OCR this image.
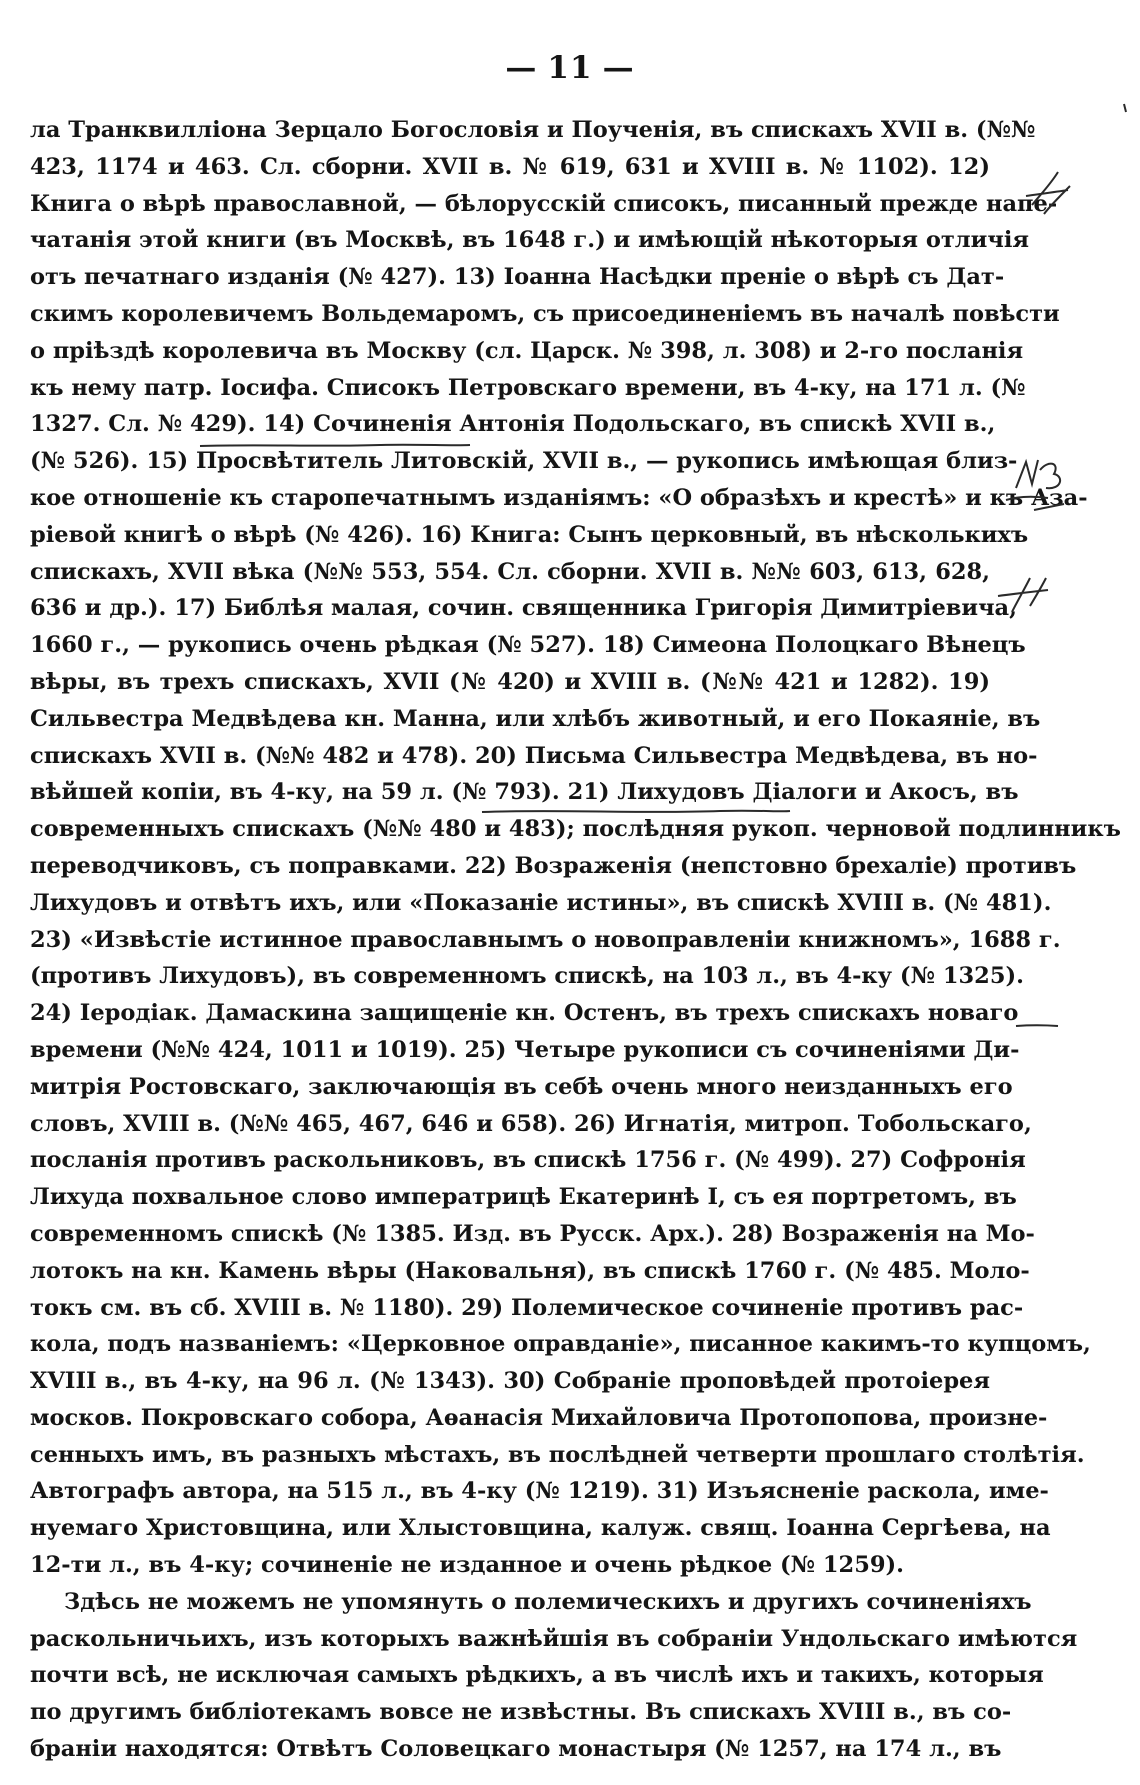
— 11 —
ла Транквилліона Зерцало Богословія и Поученія, въ спискахъ XVII в. (№№
423, 1174 и 463. Сл. сборни. XVII в. № 619, 631 и XVIII в. № 1102). 12)
Книга о вѣрѣ православной, — бѣлорусскій списокъ, писанный прежде напе-
чатанія этой книги (въ Москвѣ, въ 1648 г.) и имѣющій нѣкоторыя отличія
отъ печатнаго изданія (№ 427). 13) Іоанна Насѣдки преніе о вѣрѣ съ Дат-
скимъ королевичемъ Вольдемаромъ, съ присоединеніемъ въ началѣ повѣсти
о пріѣздѣ королевича въ Москву (сл. Царск. № 398, л. 308) и 2-го посланія
къ нему патр. Іосифа. Списокъ Петровскаго времени, въ 4-ку, на 171 л. (№
1327. Сл. № 429). 14) Сочиненія Антонія Подольскаго, въ спискѣ XVII в.,
(№ 526). 15) Просвѣтитель Литовскій, XVII в., — рукопись имѣющая близ-
кое отношеніе къ старопечатнымъ изданіямъ: «О образѣхъ и крестѣ» и къ Аза-
ріевой книгѣ о вѣрѣ (№ 426). 16) Книга: Сынъ церковный, въ нѣсколькихъ
спискахъ, XVII вѣка (№№ 553, 554. Сл. сборни. XVII в. №№ 603, 613, 628,
636 и др.). 17) Библѣя малая, сочин. священника Григорія Димитріевича,
1660 г., — рукопись очень рѣдкая (№ 527). 18) Симеона Полоцкаго Вѣнецъ
вѣры, въ трехъ спискахъ, XVII (№ 420) и XVIII в. (№№ 421 и 1282). 19)
Сильвестра Медвѣдева кн. Манна, или хлѣбъ животный, и его Покаяніе, въ
спискахъ XVII в. (№№ 482 и 478). 20) Письма Сильвестра Медвѣдева, въ но-
вѣйшей копіи, въ 4-ку, на 59 л. (№ 793). 21) Лихудовъ Діалоги и Акосъ, въ
современныхъ спискахъ (№№ 480 и 483); послѣдняя рукоп. черновой подлинникъ
переводчиковъ, съ поправками. 22) Возраженія (непстовно брехаліе) противъ
Лихудовъ и отвѣтъ ихъ, или «Показаніе истины», въ спискѣ XVIII в. (№ 481).
23) «Извѣстіе истинное православнымъ о новоправленіи книжномъ», 1688 г.
(противъ Лихудовъ), въ современномъ спискѣ, на 103 л., въ 4-ку (№ 1325).
24) Іеродіак. Дамаскина защищеніе кн. Остенъ, въ трехъ спискахъ новаго
времени (№№ 424, 1011 и 1019). 25) Четыре рукописи съ сочиненіями Ди-
митрія Ростовскаго, заключающія въ себѣ очень много неизданныхъ его
словъ, XVIII в. (№№ 465, 467, 646 и 658). 26) Игнатія, митроп. Тобольскаго,
посланія противъ раскольниковъ, въ спискѣ 1756 г. (№ 499). 27) Софронія
Лихуда похвальное слово императрицѣ Екатеринѣ I, съ ея портретомъ, въ
современномъ спискѣ (№ 1385. Изд. въ Русск. Арх.). 28) Возраженія на Мо-
лотокъ на кн. Камень вѣры (Наковальня), въ спискѣ 1760 г. (№ 485. Моло-
токъ см. въ сб. XVIII в. № 1180). 29) Полемическое сочиненіе противъ рас-
кола, подъ названіемъ: «Церковное оправданіе», писанное какимъ-то купцомъ,
XVIII в., въ 4-ку, на 96 л. (№ 1343). 30) Собраніе проповѣдей протоіерея
москов. Покровскаго собора, Аѳанасія Михайловича Протопопова, произне-
сенныхъ имъ, въ разныхъ мѣстахъ, въ послѣдней четверти прошлаго столѣтія.
Автографъ автора, на 515 л., въ 4-ку (№ 1219). 31) Изъясненіе раскола, име-
нуемаго Христовщина, или Хлыстовщина, калуж. свящ. Іоанна Сергѣева, на
12-ти л., въ 4-ку; сочиненіе не изданное и очень рѣдкое (№ 1259).
Здѣсь не можемъ не упомянуть о полемическихъ и другихъ сочиненіяхъ
раскольничьихъ, изъ которыхъ важнѣйшія въ собраніи Ундольскаго имѣются
почти всѣ, не исключая самыхъ рѣдкихъ, а въ числѣ ихъ и такихъ, которыя
по другимъ библіотекамъ вовсе не извѣстны. Въ спискахъ XVIII в., въ со-
браніи находятся: Отвѣтъ Соловецкаго монастыря (№ 1257, на 174 л., въ
